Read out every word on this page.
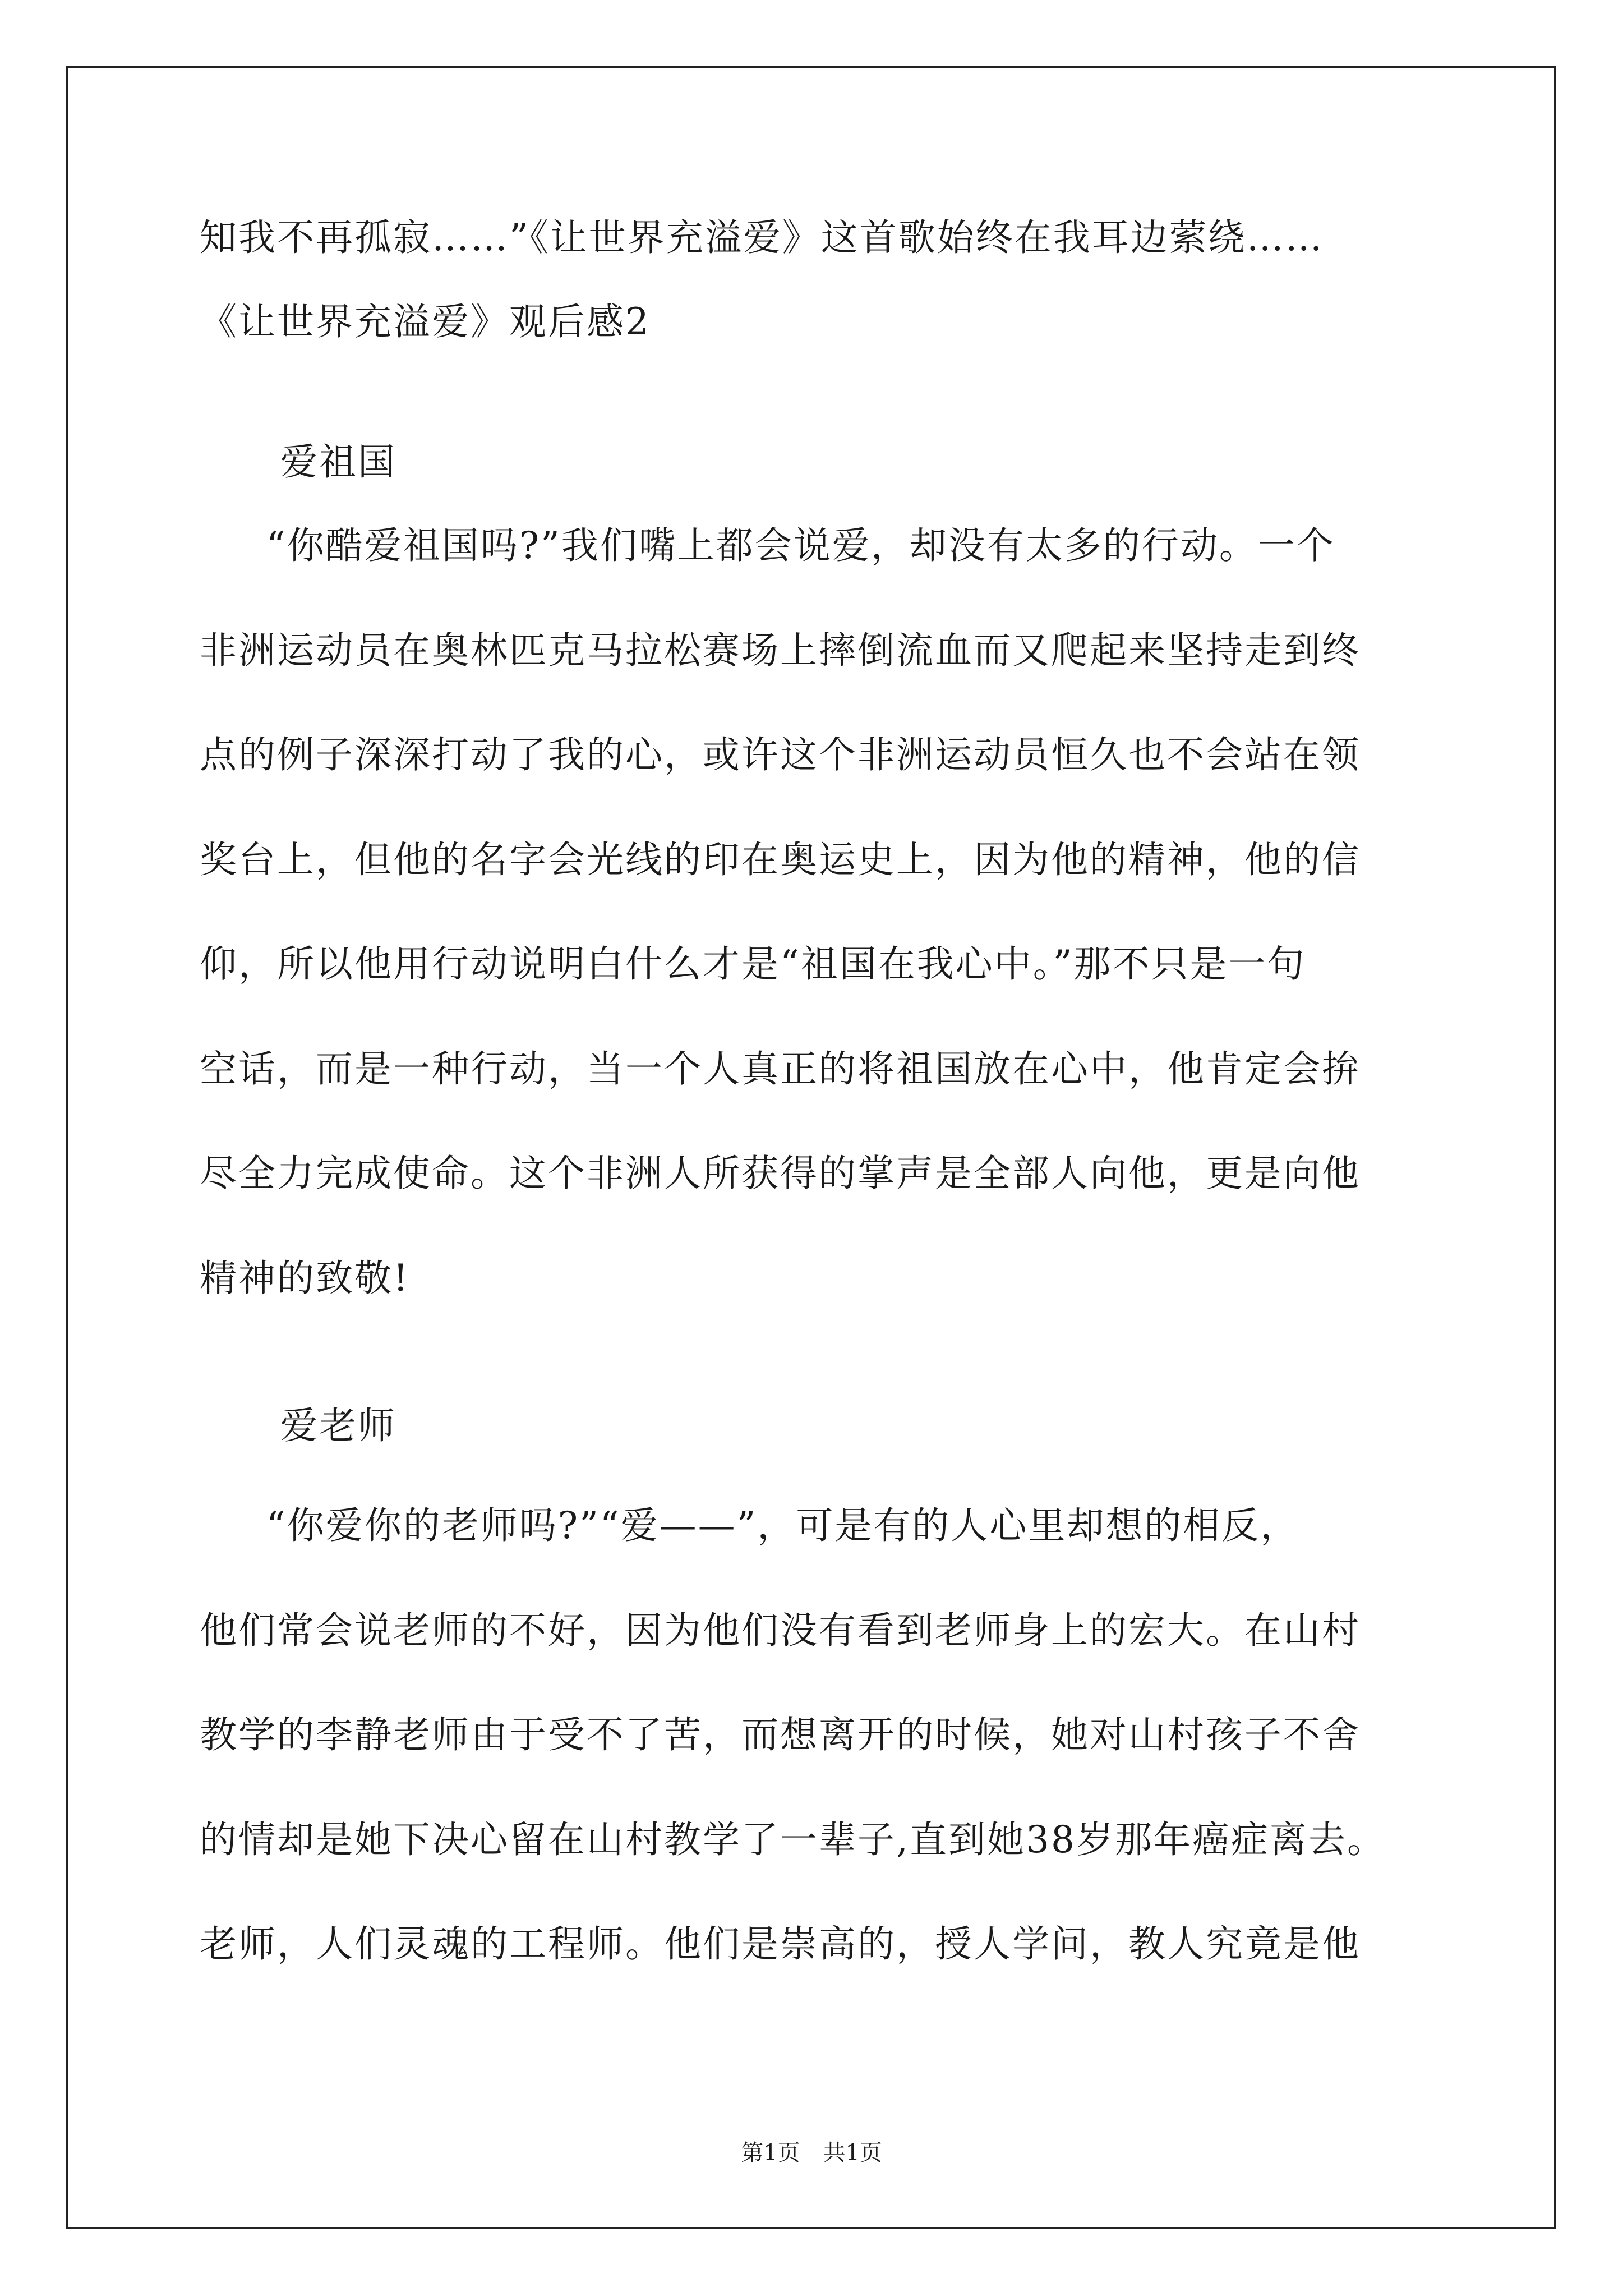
知我不再孤寂……”《让世界充溢爱》这首歌始终在我耳边萦绕……
《让世界充溢爱》观后感2
爱祖国
“你酷爱祖国吗?”我们嘴上都会说爱，却没有太多的行动。一个
非洲运动员在奥林匹克马拉松赛场上摔倒流血而又爬起来坚持走到终
点的例子深深打动了我的心，或许这个非洲运动员恒久也不会站在领
奖台上，但他的名字会光线的印在奥运史上，因为他的精神，他的信
仰，所以他用行动说明白什么才是“祖国在我心中。”那不只是一句
空话，而是一种行动，当一个人真正的将祖国放在心中，他肯定会拚
尽全力完成使命。这个非洲人所获得的掌声是全部人向他，更是向他
精神的致敬!
爱老师
“你爱你的老师吗?”“爱——”，可是有的人心里却想的相反，
他们常会说老师的不好，因为他们没有看到老师身上的宏大。在山村
教学的李静老师由于受不了苦，而想离开的时候，她对山村孩子不舍
的情却是她下决心留在山村教学了一辈子,直到她38岁那年癌症离去。
老师，人们灵魂的工程师。他们是崇高的，授人学问，教人究竟是他
第1页 共1页
